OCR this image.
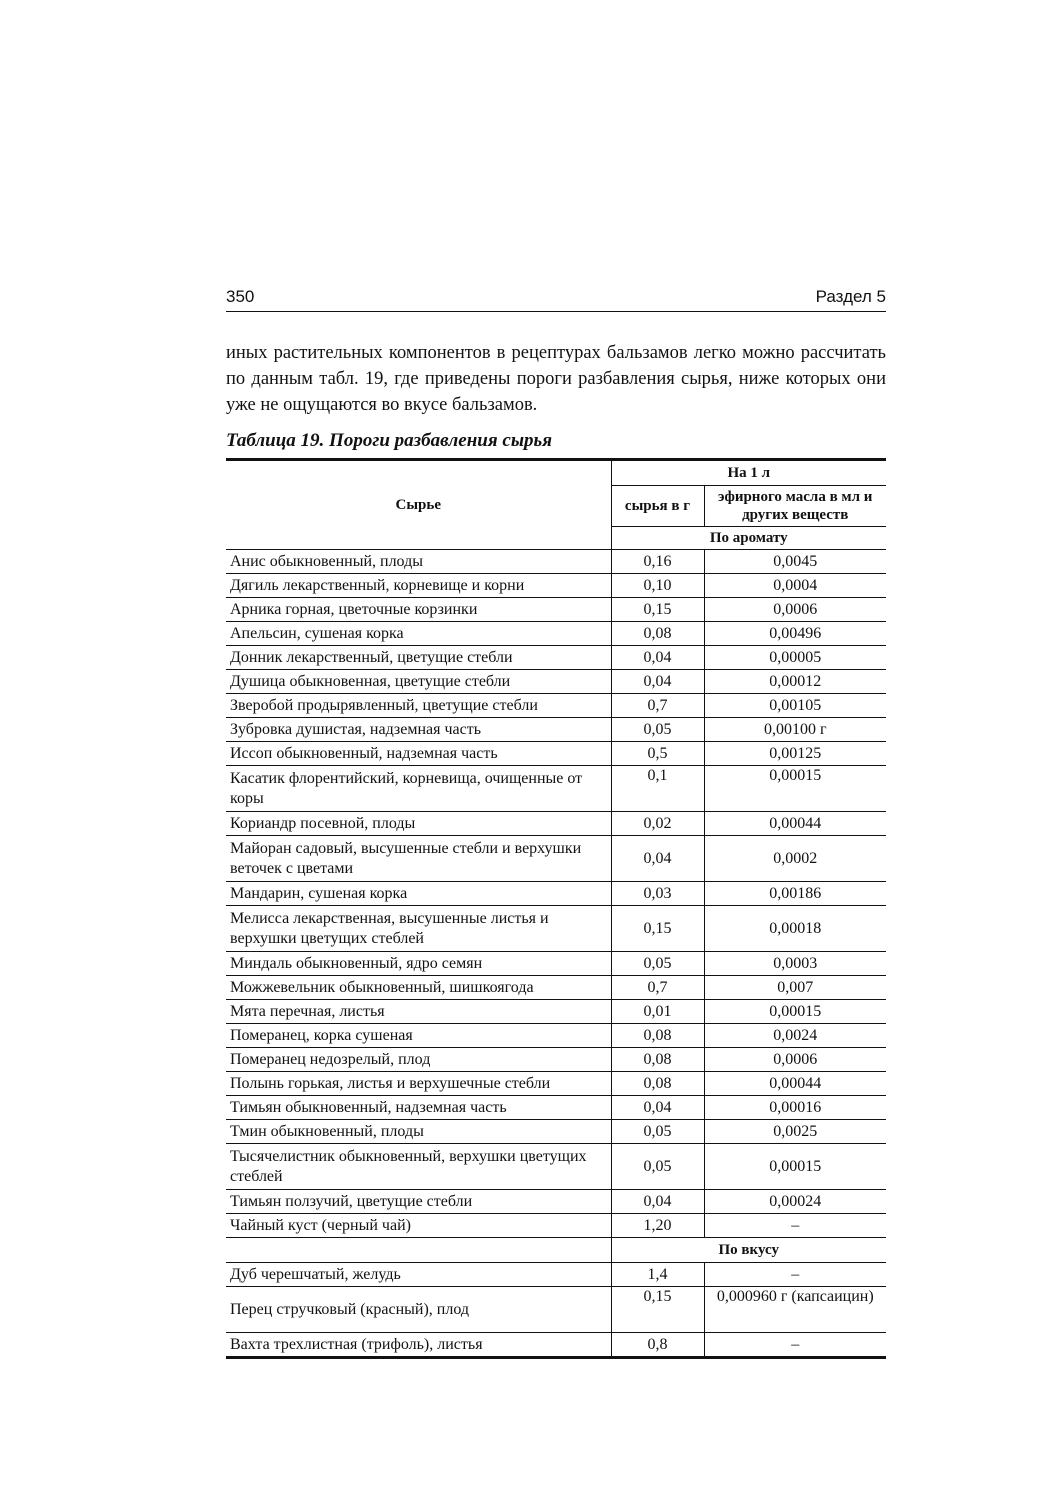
350	Раздел 5
иных растительных компонентов в рецептурах бальзамов легко можно рассчитать по данным табл. 19, где приведены пороги разбавления сырья, ниже которых они уже не ощущаются во вкусе бальзамов.
Таблица 19. Пороги разбавления сырья
Сырье	На 1 л	
	сырья в г	эфирного масла в мл и других веществ
	По аромату	
Анис обыкновенный, плоды	0,16	0,0045
Дягиль лекарственный, корневище и корни	0,10	0,0004
Арника горная, цветочные корзинки	0,15	0,0006
Апельсин, сушеная корка	0,08	0,00496
Донник лекарственный, цветущие стебли	0,04	0,00005
Душица обыкновенная, цветущие стебли	0,04	0,00012
Зверобой продырявленный, цветущие стебли	0,7	0,00105
Зубровка душистая, надземная часть	0,05	0,00100 г
Иссоп обыкновенный, надземная часть	0,5	0,00125
Касатик флорентийский, корневища, очищенные от коры	0,1	0,00015
Кориандр посевной, плоды	0,02	0,00044
Майоран садовый, высушенные стебли и верхушки веточек с цветами	0,04	0,0002
Мандарин, сушеная корка	0,03	0,00186
Мелисса лекарственная, высушенные листья и верхушки цветущих стеблей	0,15	0,00018
Миндаль обыкновенный, ядро семян	0,05	0,0003
Можжевельник обыкновенный, шишкоягода	0,7	0,007
Мята перечная, листья	0,01	0,00015
Померанец, корка сушеная	0,08	0,0024
Померанец недозрелый, плод	0,08	0,0006
Полынь горькая, листья и верхушечные стебли	0,08	0,00044
Тимьян обыкновенный, надземная часть	0,04	0,00016
Тмин обыкновенный, плоды	0,05	0,0025
Тысячелистник обыкновенный, верхушки цветущих стеблей	0,05	0,00015
Тимьян ползучий, цветущие стебли	0,04	0,00024
Чайный куст (черный чай)	1,20	–
	По вкусу	
Дуб черешчатый, желудь	1,4	–
Перец стручковый (красный), плод	0,15	0,000960 г (капсаицин)
Вахта трехлистная (трифоль), листья	0,8	–
